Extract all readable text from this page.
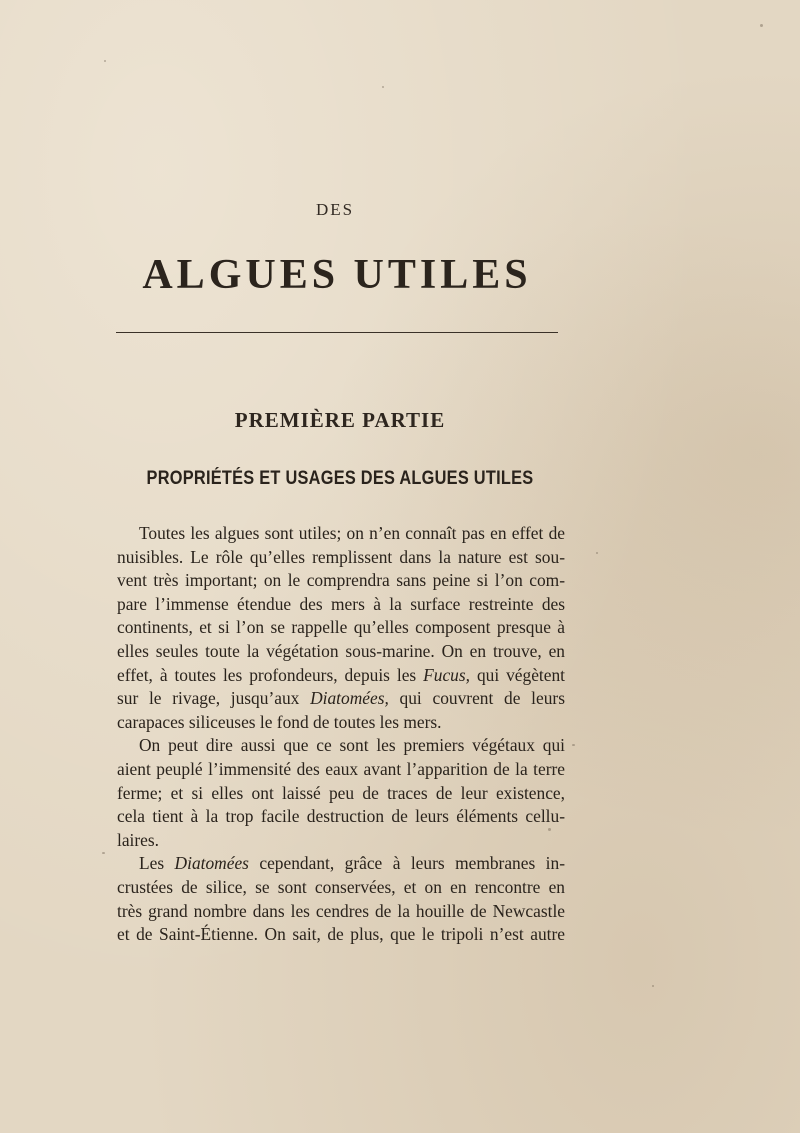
DES
ALGUES UTILES
PREMIÈRE PARTIE
PROPRIÉTÉS ET USAGES DES ALGUES UTILES
Toutes les algues sont utiles; on n’en connaît pas en effet de
nuisibles. Le rôle qu’elles remplissent dans la nature est sou-
vent très important; on le comprendra sans peine si l’on com-
pare l’immense étendue des mers à la surface restreinte des
continents, et si l’on se rappelle qu’elles composent presque à
elles seules toute la végétation sous-marine. On en trouve, en
effet, à toutes les profondeurs, depuis les Fucus, qui végètent
sur le rivage, jusqu’aux Diatomées, qui couvrent de leurs
carapaces siliceuses le fond de toutes les mers.
On peut dire aussi que ce sont les premiers végétaux qui
aient peuplé l’immensité des eaux avant l’apparition de la terre
ferme; et si elles ont laissé peu de traces de leur existence,
cela tient à la trop facile destruction de leurs éléments cellu-
laires.
Les Diatomées cependant, grâce à leurs membranes in-
crustées de silice, se sont conservées, et on en rencontre en
très grand nombre dans les cendres de la houille de Newcastle
et de Saint-Étienne. On sait, de plus, que le tripoli n’est autre
